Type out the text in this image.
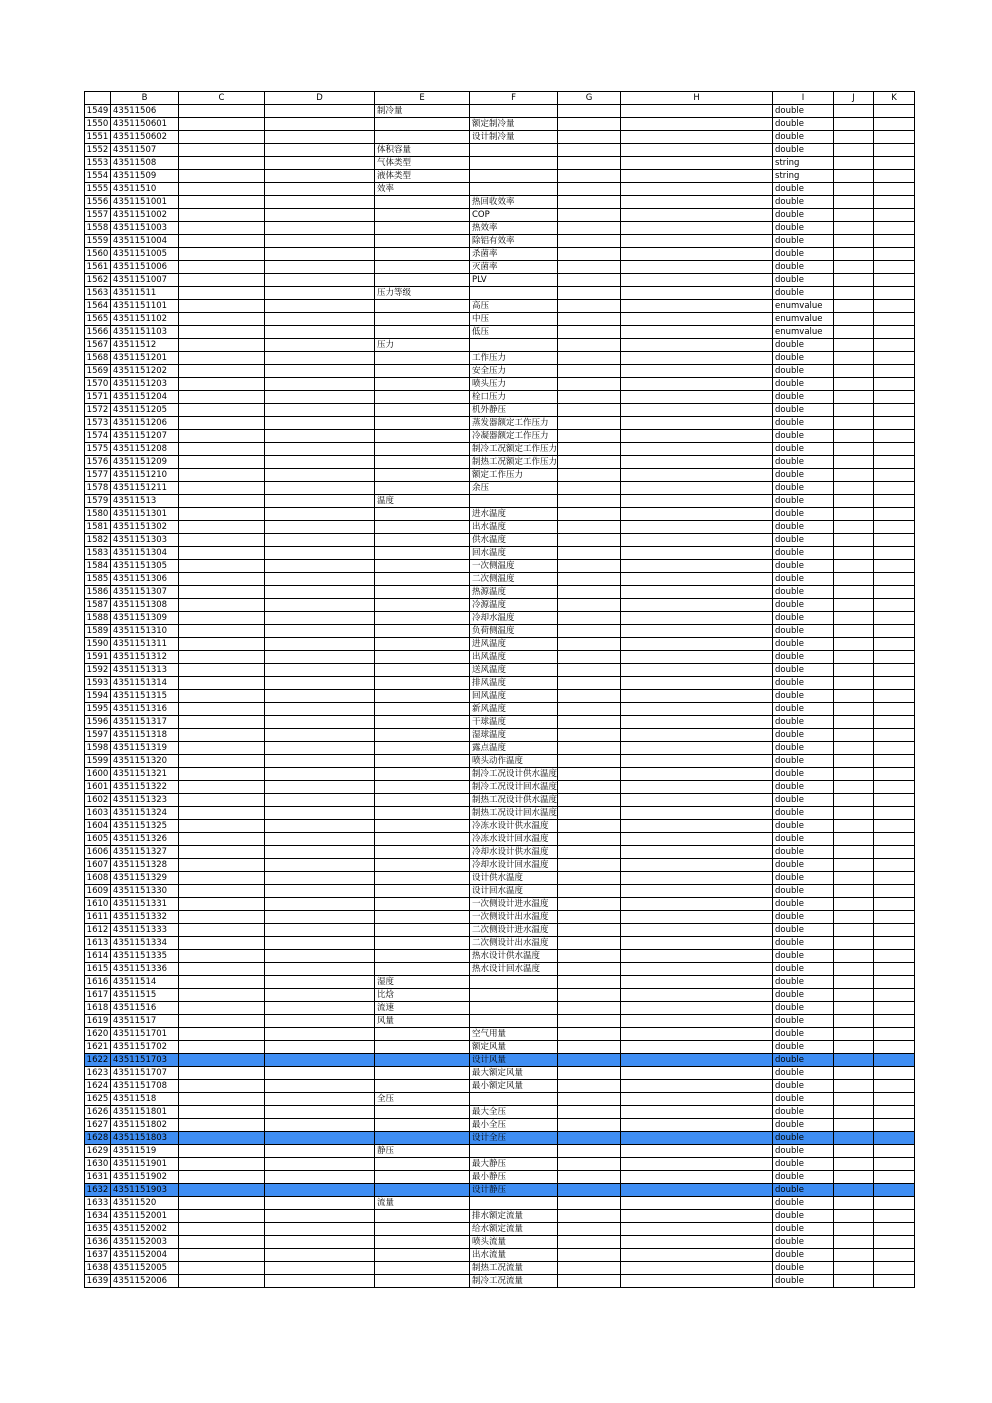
	B	C	D	E	F	G	H	I	J	K
1549	43511506			制冷量				double		
1550	4351150601				额定制冷量			double		
1551	4351150602				设计制冷量			double		
1552	43511507			体积容量				double		
1553	43511508			气体类型				string		
1554	43511509			液体类型				string		
1555	43511510			效率				double		
1556	4351151001				热回收效率			double		
1557	4351151002				COP			double		
1558	4351151003				热效率			double		
1559	4351151004				除铝有效率			double		
1560	4351151005				杀菌率			double		
1561	4351151006				灭菌率			double		
1562	4351151007				PLV			double		
1563	43511511			压力等级				double		
1564	4351151101				高压			enumvalue		
1565	4351151102				中压			enumvalue		
1566	4351151103				低压			enumvalue		
1567	43511512			压力				double		
1568	4351151201				工作压力			double		
1569	4351151202				安全压力			double		
1570	4351151203				喷头压力			double		
1571	4351151204				栓口压力			double		
1572	4351151205				机外静压			double		
1573	4351151206				蒸发器额定工作压力			double		
1574	4351151207				冷凝器额定工作压力			double		
1575	4351151208				制冷工况额定工作压力			double		
1576	4351151209				制热工况额定工作压力			double		
1577	4351151210				额定工作压力			double		
1578	4351151211				余压			double		
1579	43511513			温度				double		
1580	4351151301				进水温度			double		
1581	4351151302				出水温度			double		
1582	4351151303				供水温度			double		
1583	4351151304				回水温度			double		
1584	4351151305				一次侧温度			double		
1585	4351151306				二次侧温度			double		
1586	4351151307				热源温度			double		
1587	4351151308				冷源温度			double		
1588	4351151309				冷却水温度			double		
1589	4351151310				负荷侧温度			double		
1590	4351151311				进风温度			double		
1591	4351151312				出风温度			double		
1592	4351151313				送风温度			double		
1593	4351151314				排风温度			double		
1594	4351151315				回风温度			double		
1595	4351151316				新风温度			double		
1596	4351151317				干球温度			double		
1597	4351151318				湿球温度			double		
1598	4351151319				露点温度			double		
1599	4351151320				喷头动作温度			double		
1600	4351151321				制冷工况设计供水温度			double		
1601	4351151322				制冷工况设计回水温度			double		
1602	4351151323				制热工况设计供水温度			double		
1603	4351151324				制热工况设计回水温度			double		
1604	4351151325				冷冻水设计供水温度			double		
1605	4351151326				冷冻水设计回水温度			double		
1606	4351151327				冷却水设计供水温度			double		
1607	4351151328				冷却水设计回水温度			double		
1608	4351151329				设计供水温度			double		
1609	4351151330				设计回水温度			double		
1610	4351151331				一次侧设计进水温度			double		
1611	4351151332				一次侧设计出水温度			double		
1612	4351151333				二次侧设计进水温度			double		
1613	4351151334				二次侧设计出水温度			double		
1614	4351151335				热水设计供水温度			double		
1615	4351151336				热水设计回水温度			double		
1616	43511514			湿度				double		
1617	43511515			比焓				double		
1618	43511516			流速				double		
1619	43511517			风量				double		
1620	4351151701				空气用量			double		
1621	4351151702				额定风量			double		
1622	4351151703				设计风量			double		
1623	4351151707				最大额定风量			double		
1624	4351151708				最小额定风量			double		
1625	43511518			全压				double		
1626	4351151801				最大全压			double		
1627	4351151802				最小全压			double		
1628	4351151803				设计全压			double		
1629	43511519			静压				double		
1630	4351151901				最大静压			double		
1631	4351151902				最小静压			double		
1632	4351151903				设计静压			double		
1633	43511520			流量				double		
1634	4351152001				排水额定流量			double		
1635	4351152002				给水额定流量			double		
1636	4351152003				喷头流量			double		
1637	4351152004				出水流量			double		
1638	4351152005				制热工况流量			double		
1639	4351152006				制冷工况流量			double		
